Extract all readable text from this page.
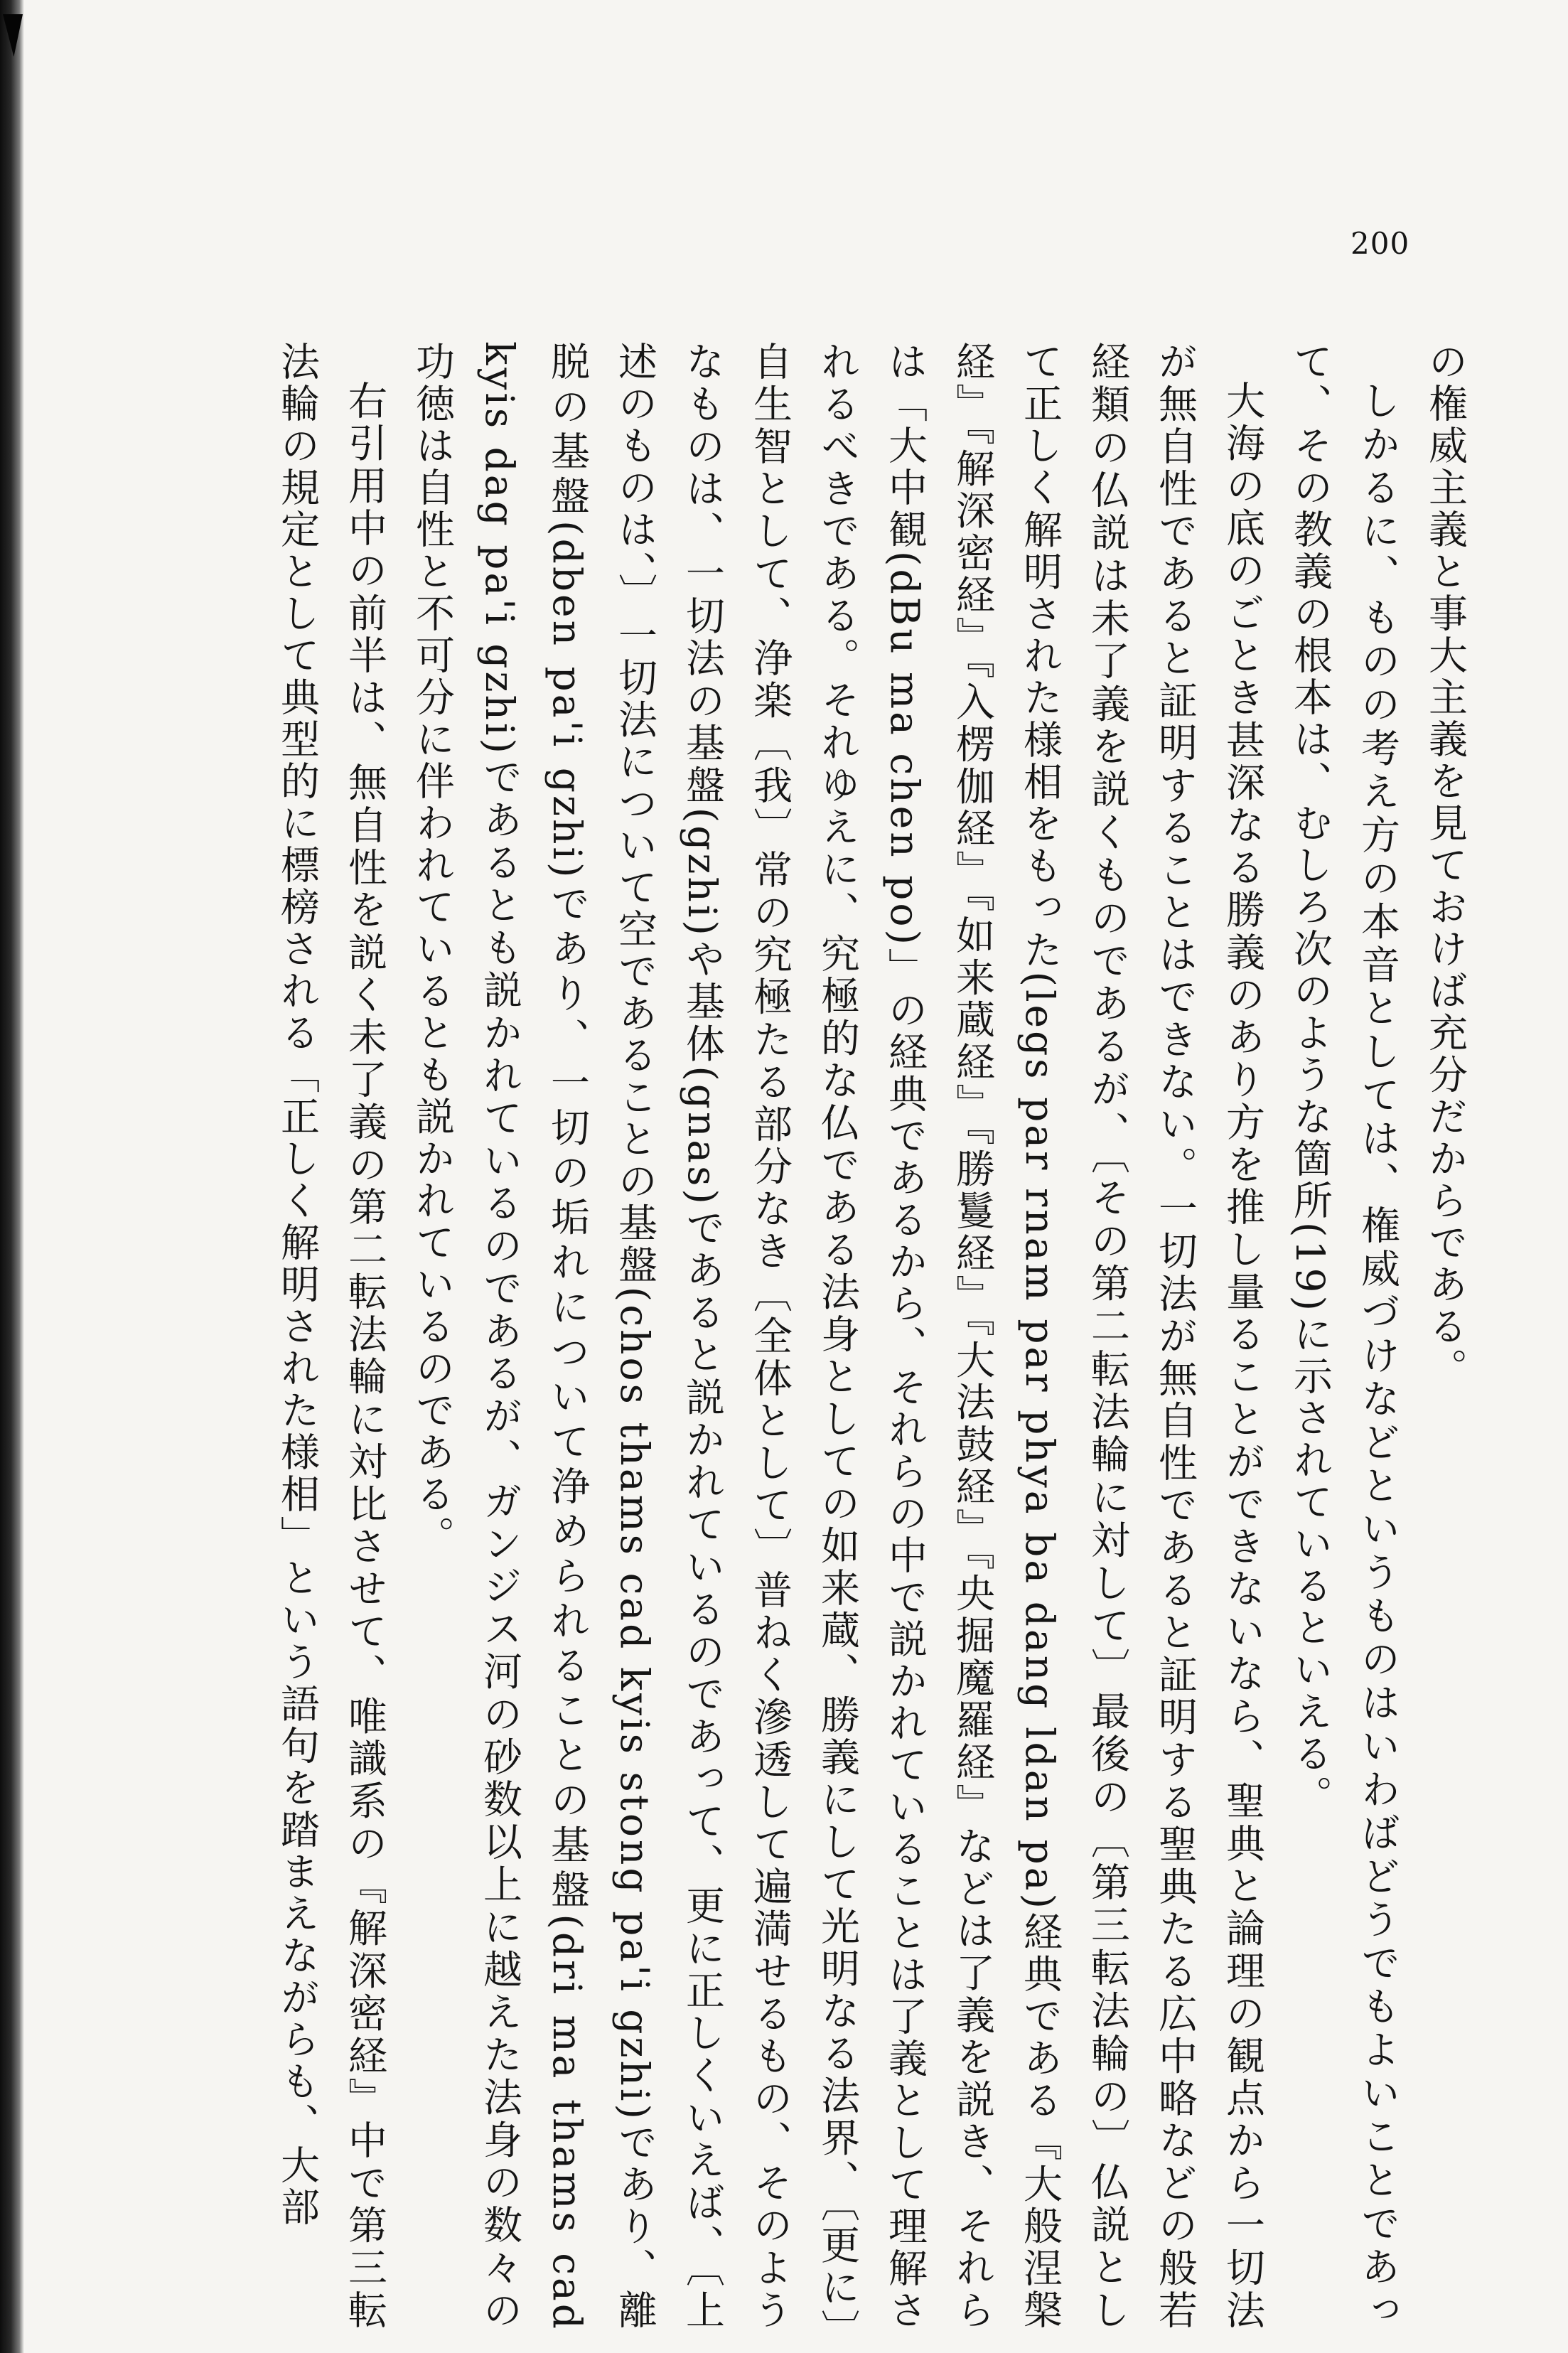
200

の権威主義と事大主義を見ておけば充分だからである。

しかるに、ものの考え方の本音としては、権威づけなどというものはいわばどうでもよいことであって、その教義の根本は、むしろ次のような箇所(19)に示されているといえる。

大海の底のごとき甚深なる勝義のあり方を推し量ることができないなら、聖典と論理の観点から一切法が無自性であると証明することはできない。一切法が無自性であると証明する聖典たる広中略などの般若経類の仏説は未了義を説くものであるが、〔その第二転法輪に対して〕最後の〔第三転法輪の〕仏説として正しく解明された様相をもった(legs par rnam par phya ba dang ldan pa)経典である『大般涅槃経』『解深密経』『入楞伽経』『如来蔵経』『勝鬘経』『大法鼓経』『央掘魔羅経』などは了義を説き、それらは「大中観(dBu ma chen po)」の経典であるから、それらの中で説かれていることは了義として理解されるべきである。それゆえに、究極的な仏である法身としての如来蔵、勝義にして光明なる法界、〔更に〕自生智として、浄楽〔我〕常の究極たる部分なき〔全体として〕普ねく滲透して遍満せるもの、そのようなものは、一切法の基盤(gzhi)や基体(gnas)であると説かれているのであって、更に正しくいえば、〔上述のものは、〕一切法について空であることの基盤(chos thams cad kyis stong pa'i gzhi)であり、離脱の基盤(dben pa'i gzhi)であり、一切の垢れについて浄められることの基盤(dri ma thams cad kyis dag pa'i gzhi)であるとも説かれているのであるが、ガンジス河の砂数以上に越えた法身の数々の功徳は自性と不可分に伴われているとも説かれているのである。

右引用中の前半は、無自性を説く未了義の第二転法輪に対比させて、唯識系の『解深密経』中で第三転法輪の規定として典型的に標榜される「正しく解明された様相」という語句を踏まえながらも、大部
